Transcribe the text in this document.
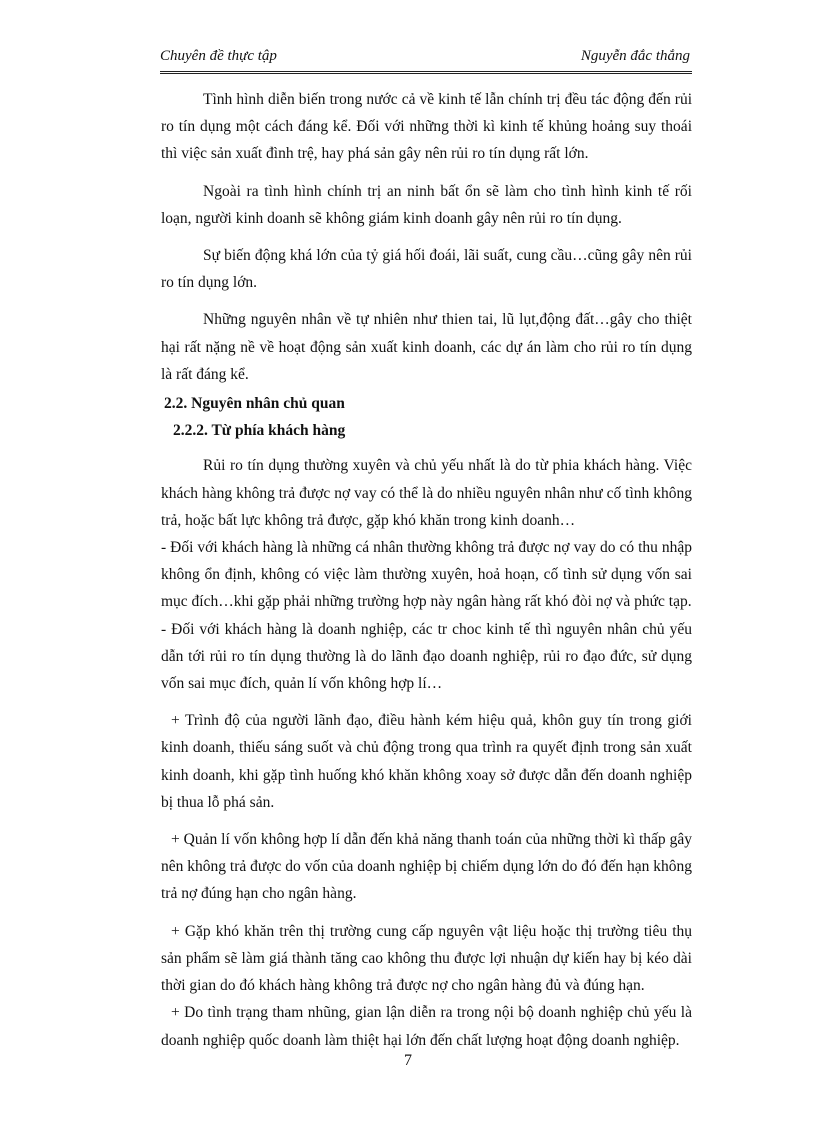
Chuyên đề thực tập	Nguyễn đắc thắng

Tình hình diễn biến trong nước cả về kinh tế lẫn chính trị đều tác động đến rủi ro tín dụng một cách đáng kể. Đối với những thời kì kinh tế khủng hoảng suy thoái thì việc sản xuất đình trệ, hay phá sản gây nên rủi ro tín dụng rất lớn.

Ngoài ra tình hình chính trị an ninh bất ổn sẽ làm cho tình hình kinh tế rối loạn, người kinh doanh sẽ không giám kinh doanh gây nên rủi ro tín dụng.

Sự biến động khá lớn của tỷ giá hối đoái, lãi suất, cung cầu…cũng gây nên rủi ro tín dụng lớn.

Những nguyên nhân về tự nhiên như thien tai, lũ lụt,động đất…gây cho thiệt hại rất nặng nề về hoạt động sản xuất kinh doanh, các dự án làm cho rủi ro tín dụng là rất đáng kể.

2.2. Nguyên nhân chủ quan

2.2.2. Từ phía khách hàng

Rủi ro tín dụng thường xuyên và chủ yếu nhất là do từ phia khách hàng. Việc khách hàng không trả được nợ vay có thể là do nhiều nguyên nhân như cố tình không trả, hoặc bất lực không trả được, gặp khó khăn trong kinh doanh…

- Đối với khách hàng là những cá nhân thường không trả được nợ vay do có thu nhập không ổn định, không có việc làm thường xuyên, hoả hoạn, cố tình sử dụng vốn sai mục đích…khi gặp phải những trường hợp này ngân hàng rất khó đòi nợ và phức tạp.

- Đối với khách hàng là doanh nghiệp, các tr choc kinh tế thì nguyên nhân chủ yếu dẫn tới rủi ro tín dụng thường là do lãnh đạo doanh nghiệp, rủi ro đạo đức, sử dụng vốn sai mục đích, quản lí vốn không hợp lí…

+ Trình độ của người lãnh đạo, điều hành kém hiệu quả, khôn guy tín trong giới kinh doanh, thiếu sáng suốt và chủ động trong qua trình ra quyết định trong sản xuất kinh doanh, khi gặp tình huống khó khăn không xoay sở được dẫn đến doanh nghiệp bị thua lỗ phá sản.

+ Quản lí vốn không hợp lí dẫn đến khả năng thanh toán của những thời kì thấp gây nên không trả được do vốn của doanh nghiệp bị chiếm dụng lớn do đó đến hạn không trả nợ đúng hạn cho ngân hàng.

+ Gặp khó khăn trên thị trường cung cấp nguyên vật liệu hoặc thị trường tiêu thụ sản phẩm sẽ làm giá thành tăng cao không thu được lợi nhuận dự kiến hay bị kéo dài thời gian do đó khách hàng không trả được nợ cho ngân hàng đủ và đúng hạn.

+ Do tình trạng tham nhũng, gian lận diễn ra trong nội bộ doanh nghiệp chủ yếu là doanh nghiệp quốc doanh làm thiệt hại lớn đến chất lượng hoạt động doanh nghiệp.

7
